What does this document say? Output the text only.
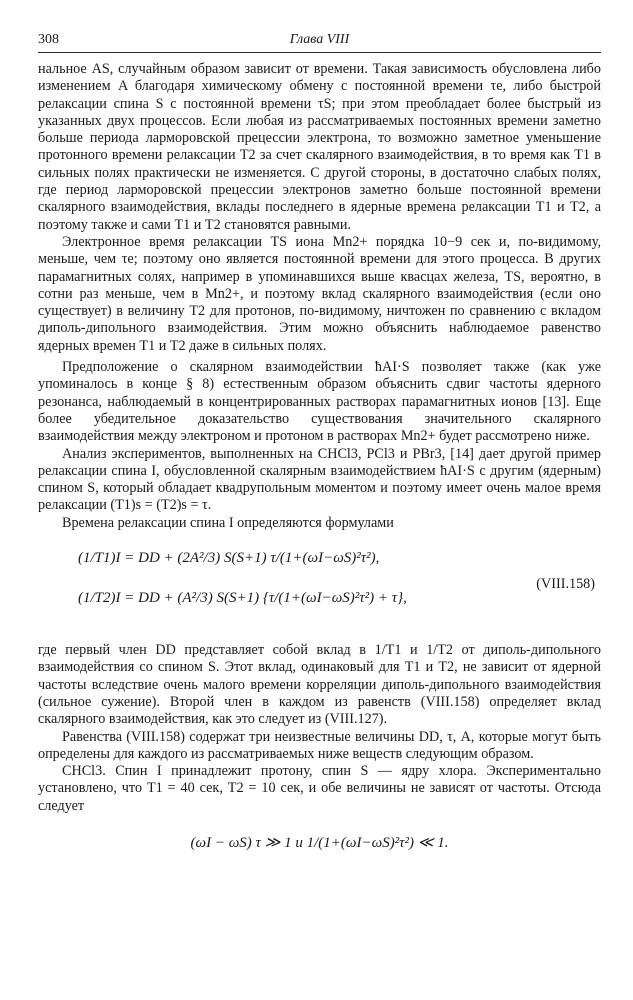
308	Глава VIII

нальное AS, случайным образом зависит от времени. Такая зависимость обусловлена либо изменением A благодаря химическому обмену с постоянной времени τe, либо быстрой релаксации спина S с постоянной времени τS; при этом преобладает более быстрый из указанных двух процессов. Если любая из рассматриваемых постоянных времени заметно больше периода ларморовской прецессии электрона, то возможно заметное уменьшение протонного времени релаксации T2 за счет скалярного взаимодействия, в то время как T1 в сильных полях практически не изменяется. С другой стороны, в достаточно слабых полях, где период ларморовской прецессии электронов заметно больше постоянной времени скалярного взаимодействия, вклады последнего в ядерные времена релаксации T1 и T2, а поэтому также и сами T1 и T2 становятся равными.

Электронное время релаксации TS иона Mn2+ порядка 10−9 сек и, по-видимому, меньше, чем τe; поэтому оно является постоянной времени для этого процесса. В других парамагнитных солях, например в упоминавшихся выше квасцах железа, TS, вероятно, в сотни раз меньше, чем в Mn2+, и поэтому вклад скалярного взаимодействия (если оно существует) в величину T2 для протонов, по-видимому, ничтожен по сравнению с вкладом диполь-дипольного взаимодействия. Этим можно объяснить наблюдаемое равенство ядерных времен T1 и T2 даже в сильных полях.

Предположение о скалярном взаимодействии ħAI·S позволяет также (как уже упоминалось в конце § 8) естественным образом объяснить сдвиг частоты ядерного резонанса, наблюдаемый в концентрированных растворах парамагнитных ионов [13]. Еще более убедительное доказательство существования значительного скалярного взаимодействия между электроном и протоном в растворах Mn2+ будет рассмотрено ниже.

Анализ экспериментов, выполненных на CHCl3, PCl3 и PBr3, [14] дает другой пример релаксации спина I, обусловленной скалярным взаимодействием ħAI·S с другим (ядерным) спином S, который обладает квадрупольным моментом и поэтому имеет очень малое время релаксации (T1)s = (T2)s = τ.

Времена релаксации спина I определяются формулами

(1/T1)I = DD + (2A²/3) S(S+1) τ/(1+(ωI−ωS)²τ²),
(1/T2)I = DD + (A²/3) S(S+1) {τ/(1+(ωI−ωS)²τ²) + τ},
(VIII.158)

где первый член DD представляет собой вклад в 1/T1 и 1/T2 от диполь-дипольного взаимодействия со спином S. Этот вклад, одинаковый для T1 и T2, не зависит от ядерной частоты вследствие очень малого времени корреляции диполь-дипольного взаимодействия (сильное сужение). Второй член в каждом из равенств (VIII.158) определяет вклад скалярного взаимодействия, как это следует из (VIII.127).

Равенства (VIII.158) содержат три неизвестные величины DD, τ, A, которые могут быть определены для каждого из рассматриваемых ниже веществ следующим образом.

CHCl3. Спин I принадлежит протону, спин S — ядру хлора. Экспериментально установлено, что T1 = 40 сек, T2 = 10 сек, и обе величины не зависят от частоты. Отсюда следует

(ωI − ωS) τ ≫ 1 и 1/(1+(ωI−ωS)²τ²) ≪ 1.
